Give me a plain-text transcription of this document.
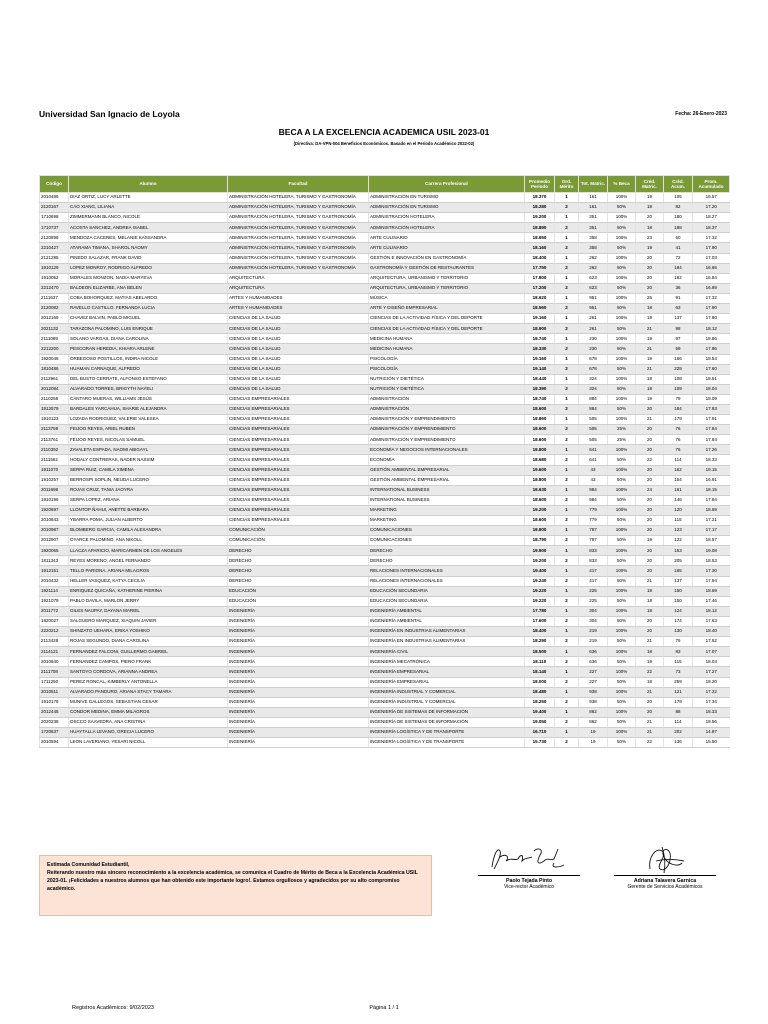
Universidad San Ignacio de Loyola	Fecha: 26-Enero-2023
BECA A LA EXCELENCIA ACADEMICA USIL 2023-01
(Directiva: DA-VPN-004 Beneficios Económicos. Basado en el Periodo Académico 2022-02)
Código	Alumno	Facultad	Carrera Profesional	Promedio Periodo	Ord. Mérito	Tot. Matric.	% Beca	Créd. Matric.	Créd. Acum.	Prom. Acumulado
2010486	DIAZ ORTIZ, LUCY ARLETTE	ADMINISTRACIÓN HOTELERA, TURISMO Y GASTRONOMÍA	ADMINISTRACIÓN EN TURISMO	18.370	1	161	100%	19	105	16.57
2120167	CAO XIANG, LILIANA	ADMINISTRACIÓN HOTELERA, TURISMO Y GASTRONOMÍA	ADMINISTRACIÓN EN TURISMO	18.280	2	161	50%	18	82	17.20
1710698	ZIMMERMANN BLANCO, NICOLE	ADMINISTRACIÓN HOTELERA, TURISMO Y GASTRONOMÍA	ADMINISTRACIÓN HOTELERA	19.200	1	351	100%	20	180	18.27
1710737	ACOSTA SANCHEZ, ANDREA ISABEL	ADMINISTRACIÓN HOTELERA, TURISMO Y GASTRONOMÍA	ADMINISTRACIÓN HOTELERA	18.890	2	351	50%	18	188	18.37
2120896	MENDOZA CACERES, MELANIE KASSANDRA	ADMINISTRACIÓN HOTELERA, TURISMO Y GASTRONOMÍA	ARTE CULINARIO	18.650	1	358	100%	23	60	17.32
2210427	ATARAMA TIMANA, SHAROL NAOMY	ADMINISTRACIÓN HOTELERA, TURISMO Y GASTRONOMÍA	ARTE CULINARIO	18.160	2	358	50%	19	41	17.90
2121285	PINEDO SALAZAR, FRANK DAVID	ADMINISTRACIÓN HOTELERA, TURISMO Y GASTRONOMÍA	GESTIÓN E INNOVACIÓN EN GASTRONOMÍA	18.400	1	262	100%	20	72	17.03
1910129	LOPEZ MONROY, RODRIGO ALFREDO	ADMINISTRACIÓN HOTELERA, TURISMO Y GASTRONOMÍA	GASTRONOMÍA Y GESTIÓN DE RESTAURANTES	17.750	2	262	50%	20	184	16.65
1910052	MORALES MONZON, NADIA MARYEVA	ARQUITECTURA	ARQUITECTURA, URBANISMO Y TERRITORIO	17.800	1	623	100%	20	182	16.84
2212470	BALDEON ELIZARBE, ANA BELEN	ARQUITECTURA	ARQUITECTURA, URBANISMO Y TERRITORIO	17.200	2	623	50%	20	36	16.89
2111637	COBA BOHORQUEZ, MATIAS ABELARDO	ARTES Y HUMANIDADES	MÚSICA	18.620	1	951	100%	26	91	17.32
2120082	RAVELLO CASTILLO, FERNANDA LUCIA	ARTES Y HUMANIDADES	ARTE Y DISEÑO EMPRESARIAL	18.560	2	951	50%	18	63	17.90
2012169	CHAVEZ BALVIN, PABLO MIGUEL	CIENCIAS DE LA SALUD	CIENCIAS DE LA ACTIVIDAD FÍSICA Y DEL DEPORTE	19.160	1	261	100%	19	137	17.80
2021132	TARAZONA PALOMINO, LUIS ENRIQUE	CIENCIAS DE LA SALUD	CIENCIAS DE LA ACTIVIDAD FÍSICA Y DEL DEPORTE	18.900	2	261	50%	21	98	18.12
2111089	SOLANO VARGAS, DIANA CAROLINA	CIENCIAS DE LA SALUD	MEDICINA HUMANA	18.740	1	230	100%	19	97	18.86
2212200	PESCORAN HEREDIA, KHIARA ARLENE	CIENCIAS DE LA SALUD	MEDICINA HUMANA	18.330	2	230	50%	21	59	17.86
1920046	ORBEGOSO POSTILLOS, INDIRA NICOLE	CIENCIAS DE LA SALUD	PSICOLOGÍA	19.160	1	678	100%	19	166	18.54
1810486	HUAMAN CARNAQUE, ALFREDO	CIENCIAS DE LA SALUD	PSICOLOGÍA	19.140	2	678	50%	21	229	17.60
2112961	DEL BUSTO CERRATE, ALFONSO ESTEFANO	CIENCIAS DE LA SALUD	NUTRICIÓN Y DIETÉTICA	18.440	1	324	100%	18	108	18.51
2012084	ALVARADO TORRES, BRIGYTH NAYELI	CIENCIAS DE LA SALUD	NUTRICIÓN Y DIETÉTICA	18.390	2	324	50%	18	109	18.04
2110258	CÁNTARO MUERAS, WILLIAMS JESÚS	CIENCIAS EMPRESARIALES	ADMINISTRACIÓN	18.740	1	884	100%	19	79	18.09
1912579	BARDALES YARCAHUA, SHARIE ALEJANDRA	CIENCIAS EMPRESARIALES	ADMINISTRACIÓN	18.600	2	884	50%	20	184	17.93
1910123	LOZADA RODRIGUEZ, VALERIE VALESKA	CIENCIAS EMPRESARIALES	ADMINISTRACIÓN Y EMPRENDIMIENTO	18.860	1	505	100%	21	179	17.91
2113759	FEIJOO REYES, ARIEL RUBEN	CIENCIAS EMPRESARIALES	ADMINISTRACIÓN Y EMPRENDIMIENTO	18.600	2	505	25%	20	76	17.84
2113761	FEIJOO REYES, NICOLAS SAMUEL	CIENCIAS EMPRESARIALES	ADMINISTRACIÓN Y EMPRENDIMIENTO	18.600	2	505	25%	20	76	17.84
2110392	ZAVALETA ESPADA, NAOMI ABIGAYL	CIENCIAS EMPRESARIALES	ECONOMÍA Y NEGOCIOS INTERNACIONALES	18.800	1	641	100%	20	76	17.26
2111562	HODALY CONTRERAS, NADER NASSIM	CIENCIAS EMPRESARIALES	ECONOMÍA	18.680	2	641	50%	22	114	18.33
1911070	SERPA RUIZ, CAMILA XIMENA	CIENCIAS EMPRESARIALES	GESTIÓN AMBIENTAL EMPRESARIAL	19.600	1	43	100%	20	162	19.15
1910257	BERROSPI SOPLIN, NEUDA LUCERO	CIENCIAS EMPRESARIALES	GESTIÓN AMBIENTAL EMPRESARIAL	18.800	2	43	50%	20	154	16.91
2011698	ROJAS CRUZ, TANIA JAOYRA	CIENCIAS EMPRESARIALES	INTERNATIONAL BUSINESS	18.630	1	984	100%	24	161	18.15
1910196	SERPA LOPEZ, ARIANA	CIENCIAS EMPRESARIALES	INTERNATIONAL BUSINESS	18.600	2	984	50%	20	146	17.84
1920697	LLONTOP ÑAHUI, ANETTE BARBARA	CIENCIAS EMPRESARIALES	MARKETING	19.200	1	779	100%	20	120	18.69
2010843	YBARRA POMA, JULIAN ALBERTO	CIENCIAS EMPRESARIALES	MARKETING	18.600	2	779	50%	20	115	17.21
2010987	BLOMBERG GARCIA, CAMILA ALEXANDRA	COMUNICACIÓN	COMUNICACIONES	18.800	1	787	100%	20	123	17.17
2012907	OYARCE PALOMINO, ANA NIKOLL	COMUNICACIÓN	COMUNICACIONES	18.790	2	787	50%	19	122	18.57
1920065	LLACZA APARICIO, MARICARMEN DE LOS ANGELES	DERECHO	DERECHO	19.900	1	833	100%	20	153	19.08
1811343	REYES MORENO, ANGEL FERNANDO	DERECHO	DERECHO	19.200	2	833	50%	20	205	18.53
1912151	TELLO PARIONA, ARIANA MILAGROS	DERECHO	RELACIONES INTERNACIONALES	19.400	1	417	100%	20	165	17.30
2010432	HELLER VASQUEZ, KATYA CECILIA	DERECHO	RELACIONES INTERNACIONALES	19.240	2	417	50%	21	137	17.94
1921114	ENRIQUEZ QUICAÑA, KATHERINE PIERINA	EDUCACIÓN	EDUCACIÓN SECUNDARIA	19.220	1	225	100%	18	150	18.69
1921079	PABLO DAVILA, MARLON JERRY	EDUCACIÓN	EDUCACIÓN SECUNDARIA	19.220	2	225	50%	18	150	17.46
2011772	GILES NAUPAY, DAYANA MARIEL	INGENIERÍA	INGENIERÍA AMBIENTAL	17.780	1	304	100%	18	124	18.12
1820027	SALGUERO MARQUEZ, XIAQUIN JAVIER	INGENIERÍA	INGENIERÍA AMBIENTAL	17.600	2	304	50%	20	174	17.63
2220212	SHINZATO UEHARA, ERIKA YOSHIKO	INGENIERÍA	INGENIERÍA EN INDUSTRIAS ALIMENTARIAS	18.400	1	219	100%	20	130	18.40
2113428	ROJAS SEGUNDO, DIANA CAROLINA	INGENIERÍA	INGENIERÍA EN INDUSTRIAS ALIMENTARIAS	18.290	2	219	50%	21	76	17.52
2114121	FERNANDEZ FALCONI, GUILLERMO GABRIEL	INGENIERÍA	INGENIERÍA CIVIL	18.500	1	636	100%	18	83	17.07
2010640	FERNANDEZ CAMPOS, PIERO FRANK	INGENIERÍA	INGENIERÍA MECATRÓNICA	18.110	2	636	50%	19	115	18.03
2111708	SANTOYO CORDOVA, ARIANNA ANDREA	INGENIERÍA	INGENIERÍA EMPRESARIAL	18.140	1	227	100%	22	73	17.27
1711250	PEREZ RONCAL, KIMBERLY ANTONELLA	INGENIERÍA	INGENIERÍA EMPRESARIAL	18.000	2	227	50%	18	259	18.20
2010511	ALVARADO PANDURO, ARIANA STACY TAMARA	INGENIERÍA	INGENIERÍA INDUSTRIAL Y COMERCIAL	18.480	1	938	100%	21	121	17.22
1910176	MUNIVE GALLEGOS, SEBASTIAN CESAR	INGENIERÍA	INGENIERÍA INDUSTRIAL Y COMERCIAL	18.250	2	938	50%	20	179	17.34
2012445	CONDOR MEDINA, EMMA MILAGROS	INGENIERÍA	INGENIERÍA DE SISTEMAS DE INFORMACIÓN	19.400	1	862	100%	20	88	18.33
2020238	OSCCO SAAVEDRA, ANA CRISTINA	INGENIERÍA	INGENIERÍA DE SISTEMAS DE INFORMACIÓN	19.050	2	862	50%	21	114	18.56
1720637	HUAYTALLA LEVANO, GRECIA LUCERO	INGENIERÍA	INGENIERÍA LOGÍSTICA Y DE TRANSPORTE	16.710	1	19	100%	21	202	14.87
2010594	LEON LAVERIANO, YESARI NICOLL	INGENIERÍA	INGENIERÍA LOGÍSTICA Y DE TRANSPORTE	15.730	2	19	50%	22	136	15.50
Estimada Comunidad Estudiantil,
Reiterando nuestro más sincero reconocimiento a la excelencia académica, se comunica el Cuadro de Mérito de Beca a la Excelencia Académica USIL 2023-01. ¡Felicidades a nuestros alumnos que han obtenido este importante logro!. Estamos orgullosos y agradecidos por su alto compromiso académico.
Paolo Tejada Pinto
Vice-rector Académico
Adriana Talavera Garnica
Gerente de Servicios Académicos
Registros Académicos: 9/02/2023	Página 1 / 1
